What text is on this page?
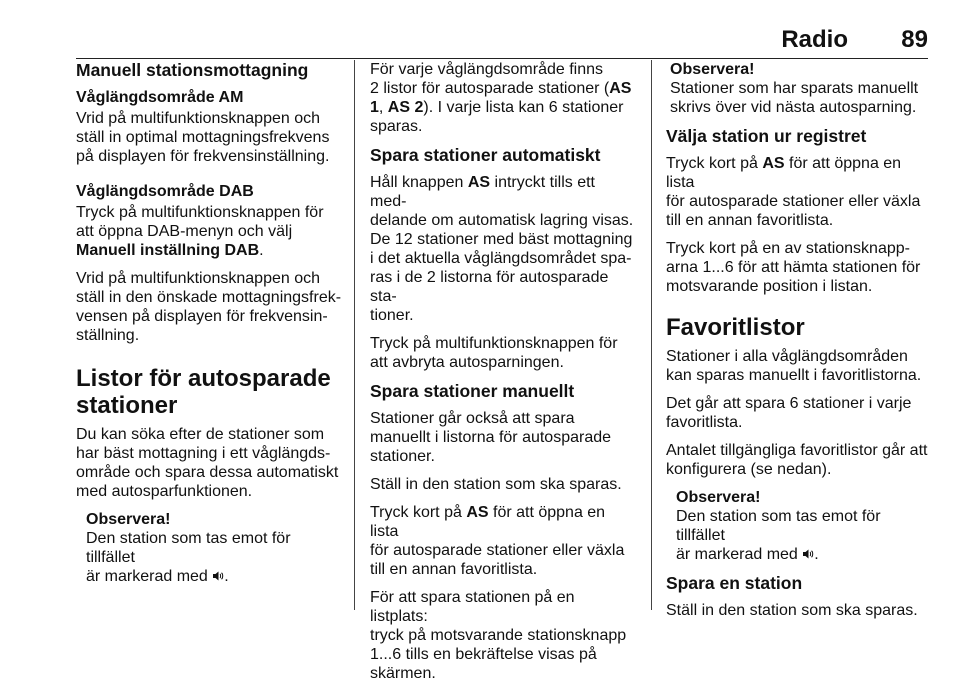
Radio 89
Manuell stationsmottagning
Våglängdsområde AM

Vrid på multifunktionsknappen och
ställ in optimal mottagningsfrekvens
på displayen för frekvensinställning.

Våglängdsområde DAB

Tryck på multifunktionsknappen för
att öppna DAB-menyn och välj
Manuell inställning DAB.

Vrid på multifunktionsknappen och
ställ in den önskade mottagningsfrek-
vensen på displayen för frekvensin-
ställning.

Listor för autosparade
stationer

Du kan söka efter de stationer som
har bäst mottagning i ett våglängds-
område och spara dessa automatiskt
med autosparfunktionen.

Observera!

Den station som tas emot för tillfället
är markerad med .

För varje våglängdsområde finns
2 listor för autosparade stationer (AS
1, AS 2). I varje lista kan 6 stationer
sparas.

Spara stationer automatiskt

Håll knappen AS intryckt tills ett med-
delande om automatisk lagring visas.
De 12 stationer med bäst mottagning
i det aktuella våglängdsområdet spa-
ras i de 2 listorna för autosparade sta-
tioner.

Tryck på multifunktionsknappen för
att avbryta autosparningen.

Spara stationer manuellt

Stationer går också att spara
manuellt i listorna för autosparade
stationer.

Ställ in den station som ska sparas.

Tryck kort på AS för att öppna en lista
för autosparade stationer eller växla
till en annan favoritlista.

För att spara stationen på en listplats:
tryck på motsvarande stationsknapp
1...6 tills en bekräftelse visas på
skärmen.

Observera!

Stationer som har sparats manuellt
skrivs över vid nästa autosparning.

Välja station ur registret

Tryck kort på AS för att öppna en lista
för autosparade stationer eller växla
till en annan favoritlista.

Tryck kort på en av stationsknapp-
arna 1...6 för att hämta stationen för
motsvarande position i listan.

Favoritlistor

Stationer i alla våglängdsområden
kan sparas manuellt i favoritlistorna.

Det går att spara 6 stationer i varje
favoritlista.

Antalet tillgängliga favoritlistor går att
konfigurera (se nedan).

Observera!

Den station som tas emot för tillfället
är markerad med .

Spara en station

Ställ in den station som ska sparas.
